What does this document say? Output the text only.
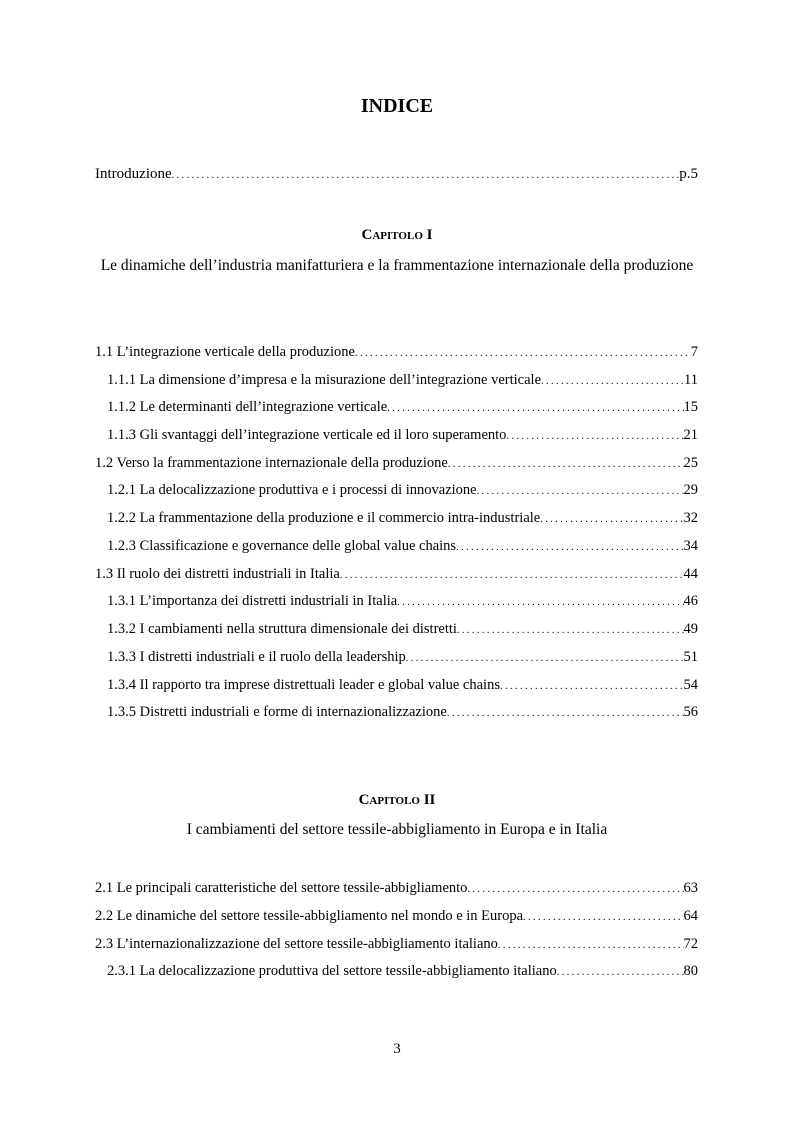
INDICE
Introduzione . . .	p.5
Capitolo I
Le dinamiche dell’industria manifatturiera e la frammentazione internazionale della produzione
1.1 L’integrazione verticale della produzione . . .	7
1.1.1 La dimensione d’impresa e la misurazione dell’integrazione verticale . . .	11
1.1.2 Le determinanti dell’integrazione verticale . . .	15
1.1.3 Gli svantaggi dell’integrazione verticale ed il loro superamento . . .	21
1.2 Verso la frammentazione internazionale della produzione . . .	25
1.2.1 La delocalizzazione produttiva e i processi di innovazione . . .	29
1.2.2 La frammentazione della produzione e il commercio intra-industriale . . .	32
1.2.3 Classificazione e governance delle global value chains . . .	34
1.3 Il ruolo dei distretti industriali in Italia . . .	44
1.3.1 L’importanza dei distretti industriali in Italia . . .	46
1.3.2 I cambiamenti nella struttura dimensionale dei distretti . . .	49
1.3.3 I distretti industriali e il ruolo della leadership . . .	51
1.3.4 Il rapporto tra imprese distrettuali leader e global value chains . . .	54
1.3.5 Distretti industriali e forme di internazionalizzazione . . .	56
Capitolo II
I cambiamenti del settore tessile-abbigliamento in Europa e in Italia
2.1 Le principali caratteristiche del settore tessile-abbigliamento . . .	63
2.2 Le dinamiche del settore tessile-abbigliamento nel mondo e in Europa . . .	64
2.3 L’internazionalizzazione del settore tessile-abbigliamento italiano . . .	72
2.3.1 La delocalizzazione produttiva del settore tessile-abbigliamento italiano . . .	80
3
